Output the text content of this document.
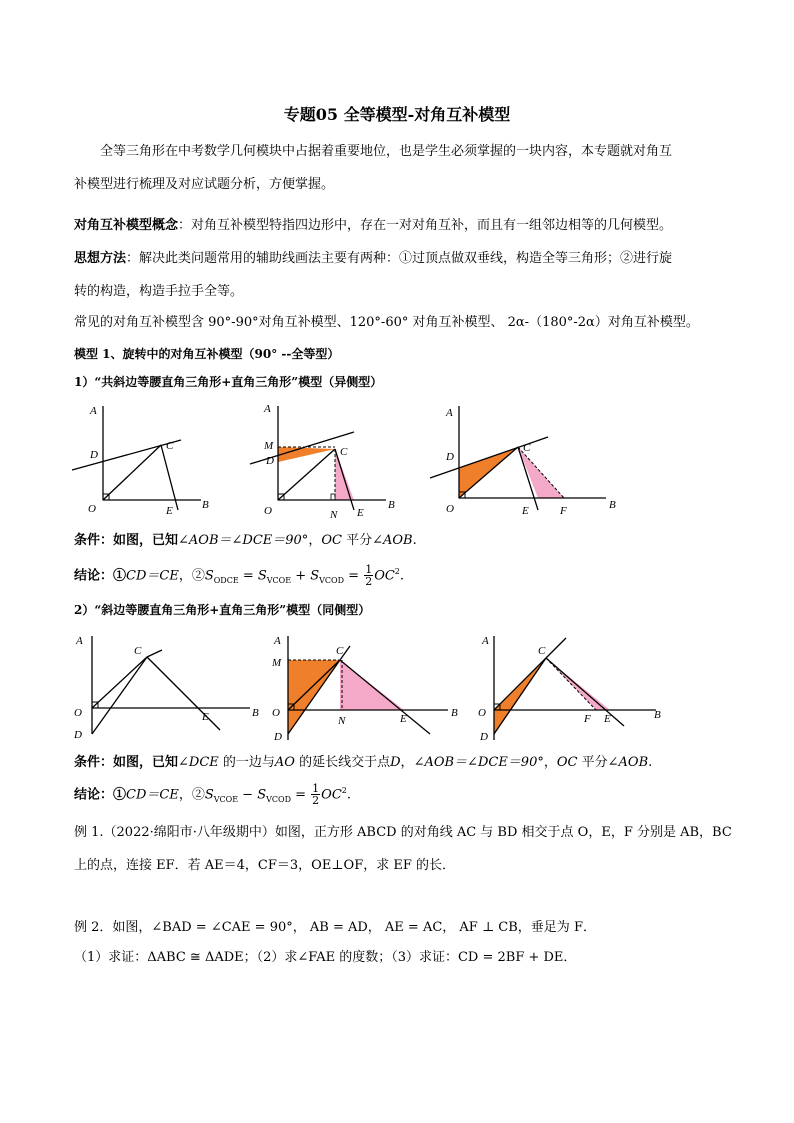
专题05 全等模型-对角互补模型
全等三角形在中考数学几何模块中占据着重要地位，也是学生必须掌握的一块内容，本专题就对角互
补模型进行梳理及对应试题分析，方便掌握。
对角互补模型概念：对角互补模型特指四边形中，存在一对对角互补，而且有一组邻边相等的几何模型。
思想方法：解决此类问题常用的辅助线画法主要有两种：①过顶点做双垂线，构造全等三角形；②进行旋
转的构造，构造手拉手全等。
常见的对角互补模型含 90°-90°对角互补模型、120°-60° 对角互补模型、 2α-（180°-2α）对角互补模型。
模型 1、旋转中的对角互补模型（90° --全等型）
1）“共斜边等腰直角三角形+直角三角形”模型（异侧型）
A
D
C
O	E	B
A
M
D
C
O	N E
B
A
D
C
O	E	F	B
条件：如图，已知∠AOB＝∠DCE＝90°，OC 平分∠AOB.
结论：①CD＝CE，$②S_{ODCE} = S_{VCOE} + S_{VCOD} = \frac{1}{2} OC^2$.
2）“斜边等腰直角三角形+直角三角形”模型（同侧型）
A
C
O
D
E	B
A
M
C
O
D
N	E	B
A
C
O
D
F E	B
条件：如图，已知∠DCE 的一边与AO 的延长线交于点D，∠AOB＝∠DCE＝90°，OC 平分∠AOB.
结论：①CD＝CE，$②S_{VCOE} - S_{VCOD} = \frac{1}{2} OC^2$.
例 1.（2022·绵阳市·八年级期中）如图，正方形 ABCD 的对角线 AC 与 BD 相交于点 O，E，F 分别是 AB，BC
上的点，连接 EF．若 AE＝4，CF＝3，OE⊥OF，求 EF 的长．
例 2．如图，∠BAD = ∠CAE = 90°， AB = AD， AE = AC， AF ⊥ CB，垂足为 F．
（1）求证：ΔABC ≅ ΔADE；（2）求∠FAE 的度数；（3）求证：CD = 2BF + DE．
